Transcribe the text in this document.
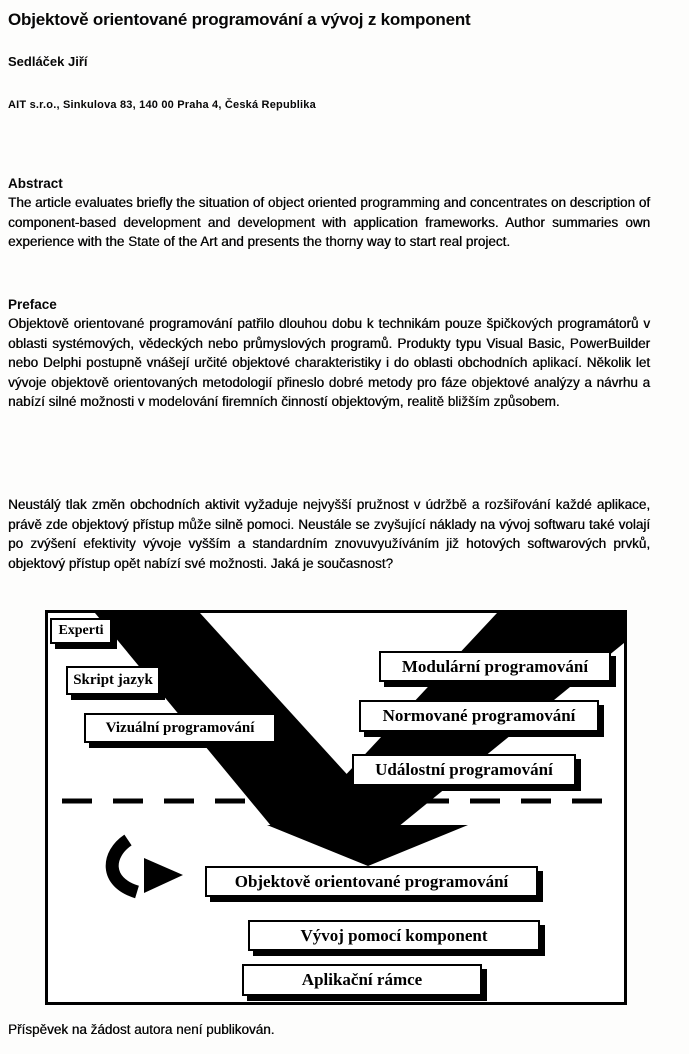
Objektově orientované programování a vývoj z komponent
Sedláček Jiří
AIT s.r.o., Sinkulova 83, 140 00 Praha 4, Česká Republika
Abstract

The article evaluates briefly the situation of object oriented programming and concentrates on description of component-based development and development with application frameworks. Author summaries own experience with the State of the Art and presents the thorny way to start real project.

Preface

Objektově orientované programování patřilo dlouhou dobu k technikám pouze špičkových programátorů v oblasti systémových, vědeckých nebo průmyslových programů. Produkty typu Visual Basic, PowerBuilder nebo Delphi postupně vnášejí určité objektové charakteristiky i do oblasti obchodních aplikací. Několik let vývoje objektově orientovaných metodologií přineslo dobré metody pro fáze objektové analýzy a návrhu a nabízí silné možnosti v modelování firemních činností objektovým, realitě bližším způsobem.

Neustálý tlak změn obchodních aktivit vyžaduje nejvyšší pružnost v údržbě a rozšiřování každé aplikace, právě zde objektový přístup může silně pomoci. Neustále se zvyšující náklady na vývoj softwaru také volají po zvýšení efektivity vývoje vyšším a standardním znovuvyužíváním již hotových softwarových prvků, objektový přístup opět nabízí své možnosti. Jaká je současnost?

Experti
Skript jazyk
Vizuální programování
Modulární programování
Normované programování
Událostní programování
Objektově orientované programování
Vývoj pomocí komponent
Aplikační rámce
Příspěvek na žádost autora není publikován.
